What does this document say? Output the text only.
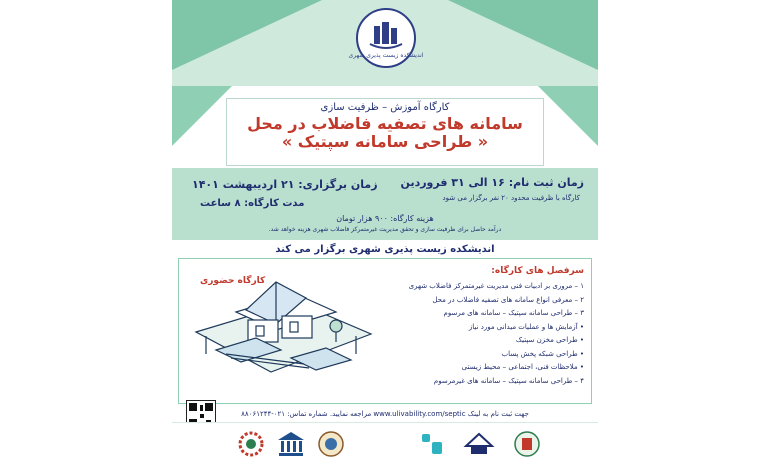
اندیشکده زیست پذیری شهری
کارگاه آموزش – ظرفیت سازی
سامانه های تصفیه فاضلاب در محل
« طراحی سامانه سپتیک »
زمان ثبت نام: ۱۶ الی ۳۱ فروردین
کارگاه با ظرفیت محدود ۲۰ نفر برگزار می شود
زمان برگزاری: ۲۱ اردیبهشت ۱۴۰۱
مدت کارگاه: ۸ ساعت
هزینه کارگاه: ۹۰۰ هزار تومان
درآمد حاصل برای ظرفیت سازی و تحقق مدیریت غیرمتمرکز فاضلاب شهری هزینه خواهد شد.
اندیشکده زیست پذیری شهری برگزار می کند
کارگاه حضوری
سرفصل های کارگاه:
۱ – مروری بر ادبیات فنی مدیریت غیرمتمرکز فاضلاب شهری
۲ – معرفی انواع سامانه های تصفیه فاضلاب در محل
۳ – طراحی سامانه سپتیک – سامانه های مرسوم
• آزمایش ها و عملیات میدانی مورد نیاز
• طراحی مخزن سپتیک
• طراحی شبکه پخش پساب
• ملاحظات فنی، اجتماعی – محیط زیستی
۴ – طراحی سامانه سپتیک – سامانه های غیرمرسوم
جهت ثبت نام به لینک www.ulivability.com/septic مراجعه نمایید. شماره تماس: ۰۲۱-۸۸۰۶۱۲۴۴
